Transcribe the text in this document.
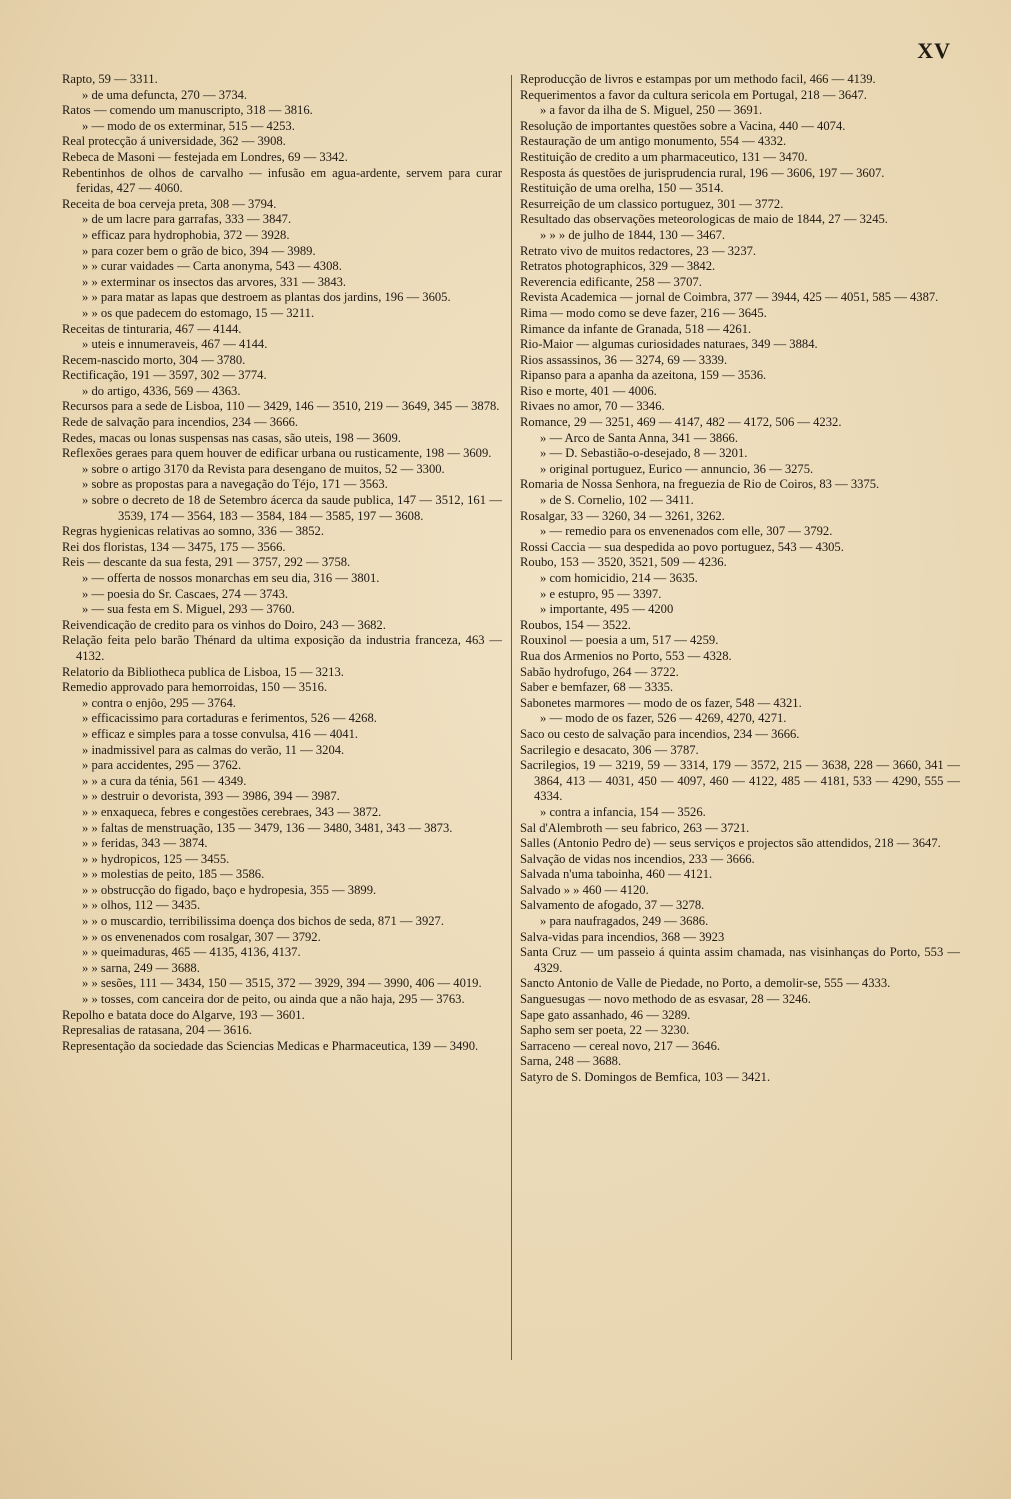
XV

Rapto, 59 — 3311.

» de uma defuncta, 270 — 3734.

Ratos — comendo um manuscripto, 318 — 3816.

» — modo de os exterminar, 515 — 4253.

Real protecção á universidade, 362 — 3908.

Rebeca de Masoni — festejada em Londres, 69 — 3342.

Rebentinhos de olhos de carvalho — infusão em agua-ardente, servem para curar feridas, 427 — 4060.

Receita de boa cerveja preta, 308 — 3794.

» de um lacre para garrafas, 333 — 3847.

» efficaz para hydrophobia, 372 — 3928.

» para cozer bem o grão de bico, 394 — 3989.

» » curar vaidades — Carta anonyma, 543 — 4308.

» » exterminar os insectos das arvores, 331 — 3843.

» » para matar as lapas que destroem as plantas dos jardins, 196 — 3605.

» » os que padecem do estomago, 15 — 3211.

Receitas de tinturaria, 467 — 4144.

» uteis e innumeraveis, 467 — 4144.

Recem-nascido morto, 304 — 3780.

Rectificação, 191 — 3597, 302 — 3774.

» do artigo, 4336, 569 — 4363.

Recursos para a sede de Lisboa, 110 — 3429, 146 — 3510, 219 — 3649, 345 — 3878.

Rede de salvação para incendios, 234 — 3666.

Redes, macas ou lonas suspensas nas casas, são uteis, 198 — 3609.

Reflexões geraes para quem houver de edificar urbana ou rusticamente, 198 — 3609.

» sobre o artigo 3170 da Revista para desengano de muitos, 52 — 3300.

» sobre as propostas para a navegação do Téjo, 171 — 3563.

» sobre o decreto de 18 de Setembro ácerca da saude publica, 147 — 3512, 161 — 3539, 174 — 3564, 183 — 3584, 184 — 3585, 197 — 3608.

Regras hygienicas relativas ao somno, 336 — 3852.

Rei dos floristas, 134 — 3475, 175 — 3566.

Reis — descante da sua festa, 291 — 3757, 292 — 3758.

» — offerta de nossos monarchas em seu dia, 316 — 3801.

» — poesia do Sr. Cascaes, 274 — 3743.

» — sua festa em S. Miguel, 293 — 3760.

Reivendicação de credito para os vinhos do Doiro, 243 — 3682.

Relação feita pelo barão Thénard da ultima exposição da industria franceza, 463 — 4132.

Relatorio da Bibliotheca publica de Lisboa, 15 — 3213.

Remedio approvado para hemorroidas, 150 — 3516.

» contra o enjôo, 295 — 3764.

» efficacissimo para cortaduras e ferimentos, 526 — 4268.

» efficaz e simples para a tosse convulsa, 416 — 4041.

» inadmissivel para as calmas do verão, 11 — 3204.

» para accidentes, 295 — 3762.

» » a cura da ténia, 561 — 4349.

» » destruir o devorista, 393 — 3986, 394 — 3987.

» » enxaqueca, febres e congestões cerebraes, 343 — 3872.

» » faltas de menstruação, 135 — 3479, 136 — 3480, 3481, 343 — 3873.

» » feridas, 343 — 3874.

» » hydropicos, 125 — 3455.

» » molestias de peito, 185 — 3586.

» » obstrucção do figado, baço e hydropesia, 355 — 3899.

» » olhos, 112 — 3435.

» » o muscardio, terribilissima doença dos bichos de seda, 871 — 3927.

» » os envenenados com rosalgar, 307 — 3792.

» » queimaduras, 465 — 4135, 4136, 4137.

» » sarna, 249 — 3688.

» » sesões, 111 — 3434, 150 — 3515, 372 — 3929, 394 — 3990, 406 — 4019.

» » tosses, com canceira dor de peito, ou ainda que a não haja, 295 — 3763.

Repolho e batata doce do Algarve, 193 — 3601.

Represalias de ratasana, 204 — 3616.

Representação da sociedade das Sciencias Medicas e Pharmaceutica, 139 — 3490.

Reproducção de livros e estampas por um methodo facil, 466 — 4139.

Requerimentos a favor da cultura sericola em Portugal, 218 — 3647.

» a favor da ilha de S. Miguel, 250 — 3691.

Resolução de importantes questões sobre a Vacina, 440 — 4074.

Restauração de um antigo monumento, 554 — 4332.

Restituição de credito a um pharmaceutico, 131 — 3470.

Resposta ás questões de jurisprudencia rural, 196 — 3606, 197 — 3607.

Restituição de uma orelha, 150 — 3514.

Resurreição de um classico portuguez, 301 — 3772.

Resultado das observações meteorologicas de maio de 1844, 27 — 3245.

» » » de julho de 1844, 130 — 3467.

Retrato vivo de muitos redactores, 23 — 3237.

Retratos photographicos, 329 — 3842.

Reverencia edificante, 258 — 3707.

Revista Academica — jornal de Coimbra, 377 — 3944, 425 — 4051, 585 — 4387.

Rima — modo como se deve fazer, 216 — 3645.

Rimance da infante de Granada, 518 — 4261.

Rio-Maior — algumas curiosidades naturaes, 349 — 3884.

Rios assassinos, 36 — 3274, 69 — 3339.

Ripanso para a apanha da azeitona, 159 — 3536.

Riso e morte, 401 — 4006.

Rivaes no amor, 70 — 3346.

Romance, 29 — 3251, 469 — 4147, 482 — 4172, 506 — 4232.

» — Arco de Santa Anna, 341 — 3866.

» — D. Sebastião-o-desejado, 8 — 3201.

» original portuguez, Eurico — annuncio, 36 — 3275.

Romaria de Nossa Senhora, na freguezia de Rio de Coiros, 83 — 3375.

» de S. Cornelio, 102 — 3411.

Rosalgar, 33 — 3260, 34 — 3261, 3262.

» — remedio para os envenenados com elle, 307 — 3792.

Rossi Caccia — sua despedida ao povo portuguez, 543 — 4305.

Roubo, 153 — 3520, 3521, 509 — 4236.

» com homicidio, 214 — 3635.

» e estupro, 95 — 3397.

» importante, 495 — 4200

Roubos, 154 — 3522.

Rouxinol — poesia a um, 517 — 4259.

Rua dos Armenios no Porto, 553 — 4328.

Sabão hydrofugo, 264 — 3722.

Saber e bemfazer, 68 — 3335.

Sabonetes marmores — modo de os fazer, 548 — 4321.

» — modo de os fazer, 526 — 4269, 4270, 4271.

Saco ou cesto de salvação para incendios, 234 — 3666.

Sacrilegio e desacato, 306 — 3787.

Sacrilegios, 19 — 3219, 59 — 3314, 179 — 3572, 215 — 3638, 228 — 3660, 341 — 3864, 413 — 4031, 450 — 4097, 460 — 4122, 485 — 4181, 533 — 4290, 555 — 4334.

» contra a infancia, 154 — 3526.

Sal d'Alembroth — seu fabrico, 263 — 3721.

Salles (Antonio Pedro de) — seus serviços e projectos são attendidos, 218 — 3647.

Salvação de vidas nos incendios, 233 — 3666.

Salvada n'uma taboinha, 460 — 4121.

Salvado » » 460 — 4120.

Salvamento de afogado, 37 — 3278.

» para naufragados, 249 — 3686.

Salva-vidas para incendios, 368 — 3923

Santa Cruz — um passeio á quinta assim chamada, nas visinhanças do Porto, 553 — 4329.

Sancto Antonio de Valle de Piedade, no Porto, a demolir-se, 555 — 4333.

Sanguesugas — novo methodo de as esvasar, 28 — 3246.

Sape gato assanhado, 46 — 3289.

Sapho sem ser poeta, 22 — 3230.

Sarraceno — cereal novo, 217 — 3646.

Sarna, 248 — 3688.

Satyro de S. Domingos de Bemfica, 103 — 3421.
